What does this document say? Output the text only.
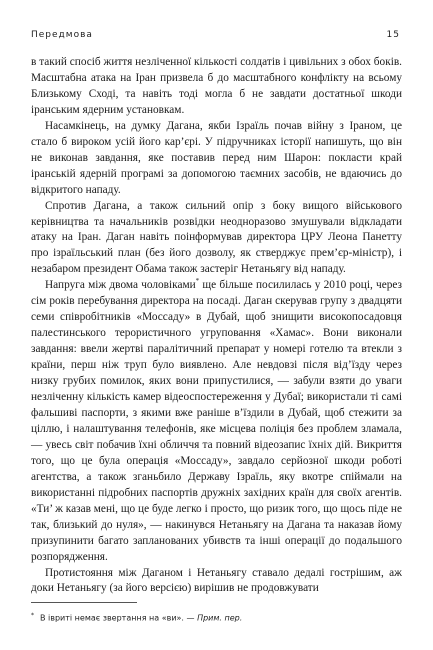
Передмова	15

в такий спосіб життя незліченної кількості солдатів і цивільних з обох боків. Масштабна атака на Іран призвела б до масштабного конфлікту на всьому Близькому Сході, та навіть тоді могла б не завдати достатньої шкоди іранським ядерним установкам.

Насамкінець, на думку Дагана, якби Ізраїль почав війну з Іраном, це стало б вироком усій його кар’єрі. У підручниках історії напишуть, що він не виконав завдання, яке поставив перед ним Шарон: покласти край іранській ядерній програмі за допомогою таємних засобів, не вдаючись до відкритого нападу.

Спротив Дагана, а також сильний опір з боку вищого військового керівництва та начальників розвідки неодноразово змушували відкладати атаку на Іран. Даган навіть поінформував директора ЦРУ Леона Панетту про ізраїльський план (без його дозволу, як стверджує прем’єр-міністр), і незабаром президент Обама також застеріг Нетаньягу від нападу.

Напруга між двома чоловіками* ще більше посилилась у 2010 році, через сім років перебування директора на посаді. Даган скерував групу з двадцяти семи співробітників «Моссаду» в Дубай, щоб знищити високопосадовця палестинського терористичного угруповання «Хамас». Вони виконали завдання: ввели жертві паралітичний препарат у номері готелю та втекли з країни, перш ніж труп було виявлено. Але невдовзі після від’їзду через низку грубих помилок, яких вони припустилися, — забули взяти до уваги незліченну кількість камер відеоспостереження у Дубаї; використали ті самі фальшиві паспорти, з якими вже раніше в’їздили в Дубай, щоб стежити за ціллю, і налаштування телефонів, яке місцева поліція без проблем зламала, — увесь світ побачив їхні обличчя та повний відеозапис їхніх дій. Викриття того, що це була операція «Моссаду», завдало серйозної шкоди роботі агентства, а також зганьбило Державу Ізраїль, яку вкотре спіймали на використанні підробних паспортів дружніх західних країн для своїх агентів. «Ти’ ж казав мені, що це буде легко і просто, що ризик того, що щось піде не так, близький до нуля», — накинувся Нетаньягу на Дагана та наказав йому призупинити багато запланованих убивств та інші операції до подальшого розпорядження.

Протистояння між Даганом і Нетаньягу ставало дедалі гострішим, аж доки Нетаньягу (за його версією) вирішив не продовжувати

* В івриті немає звертання на «ви». — Прим. пер.
